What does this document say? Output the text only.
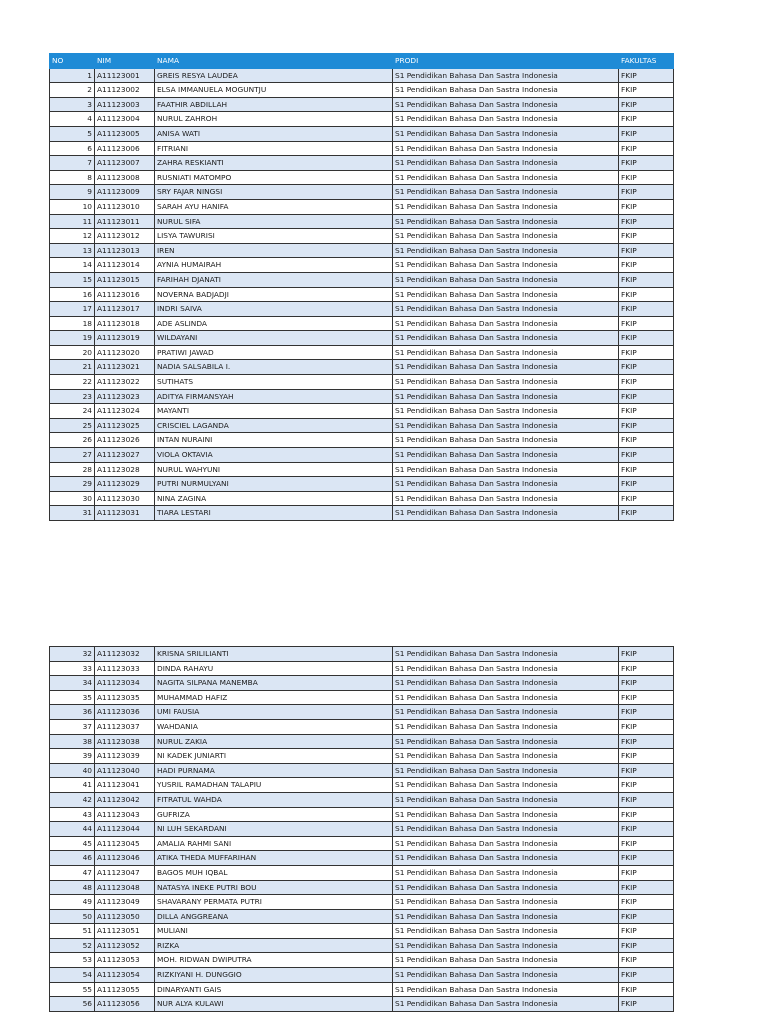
NO	NIM	NAMA	PRODI	FAKULTAS
1	A11123001	GREIS RESYA LAUDEA	S1 Pendidikan Bahasa Dan Sastra Indonesia	FKIP
2	A11123002	ELSA IMMANUELA MOGUNTJU	S1 Pendidikan Bahasa Dan Sastra Indonesia	FKIP
3	A11123003	FAATHIR ABDILLAH	S1 Pendidikan Bahasa Dan Sastra Indonesia	FKIP
4	A11123004	NURUL ZAHROH	S1 Pendidikan Bahasa Dan Sastra Indonesia	FKIP
5	A11123005	ANISA WATI	S1 Pendidikan Bahasa Dan Sastra Indonesia	FKIP
6	A11123006	FITRIANI	S1 Pendidikan Bahasa Dan Sastra Indonesia	FKIP
7	A11123007	ZAHRA RESKIANTI	S1 Pendidikan Bahasa Dan Sastra Indonesia	FKIP
8	A11123008	RUSNIATI MATOMPO	S1 Pendidikan Bahasa Dan Sastra Indonesia	FKIP
9	A11123009	SRY FAJAR NINGSI	S1 Pendidikan Bahasa Dan Sastra Indonesia	FKIP
10	A11123010	SARAH AYU HANIFA	S1 Pendidikan Bahasa Dan Sastra Indonesia	FKIP
11	A11123011	NURUL SIFA	S1 Pendidikan Bahasa Dan Sastra Indonesia	FKIP
12	A11123012	LISYA TAWURISI	S1 Pendidikan Bahasa Dan Sastra Indonesia	FKIP
13	A11123013	IREN	S1 Pendidikan Bahasa Dan Sastra Indonesia	FKIP
14	A11123014	AYNIA HUMAIRAH	S1 Pendidikan Bahasa Dan Sastra Indonesia	FKIP
15	A11123015	FARIHAH DJANATI	S1 Pendidikan Bahasa Dan Sastra Indonesia	FKIP
16	A11123016	NOVERNA BADJADJI	S1 Pendidikan Bahasa Dan Sastra Indonesia	FKIP
17	A11123017	INDRI SAIVA	S1 Pendidikan Bahasa Dan Sastra Indonesia	FKIP
18	A11123018	ADE ASLINDA	S1 Pendidikan Bahasa Dan Sastra Indonesia	FKIP
19	A11123019	WILDAYANI	S1 Pendidikan Bahasa Dan Sastra Indonesia	FKIP
20	A11123020	PRATIWI JAWAD	S1 Pendidikan Bahasa Dan Sastra Indonesia	FKIP
21	A11123021	NADIA SALSABILA I.	S1 Pendidikan Bahasa Dan Sastra Indonesia	FKIP
22	A11123022	SUTIHATS	S1 Pendidikan Bahasa Dan Sastra Indonesia	FKIP
23	A11123023	ADITYA FIRMANSYAH	S1 Pendidikan Bahasa Dan Sastra Indonesia	FKIP
24	A11123024	MAYANTI	S1 Pendidikan Bahasa Dan Sastra Indonesia	FKIP
25	A11123025	CRISCIEL LAGANDA	S1 Pendidikan Bahasa Dan Sastra Indonesia	FKIP
26	A11123026	INTAN NURAINI	S1 Pendidikan Bahasa Dan Sastra Indonesia	FKIP
27	A11123027	VIOLA OKTAVIA	S1 Pendidikan Bahasa Dan Sastra Indonesia	FKIP
28	A11123028	NURUL WAHYUNI	S1 Pendidikan Bahasa Dan Sastra Indonesia	FKIP
29	A11123029	PUTRI NURMULYANI	S1 Pendidikan Bahasa Dan Sastra Indonesia	FKIP
30	A11123030	NINA ZAGINA	S1 Pendidikan Bahasa Dan Sastra Indonesia	FKIP
31	A11123031	TIARA LESTARI	S1 Pendidikan Bahasa Dan Sastra Indonesia	FKIP
32	A11123032	KRISNA SRILILIANTI	S1 Pendidikan Bahasa Dan Sastra Indonesia	FKIP
33	A11123033	DINDA RAHAYU	S1 Pendidikan Bahasa Dan Sastra Indonesia	FKIP
34	A11123034	NAGITA SILPANA MANEMBA	S1 Pendidikan Bahasa Dan Sastra Indonesia	FKIP
35	A11123035	MUHAMMAD HAFIZ	S1 Pendidikan Bahasa Dan Sastra Indonesia	FKIP
36	A11123036	UMI FAUSIA	S1 Pendidikan Bahasa Dan Sastra Indonesia	FKIP
37	A11123037	WAHDANIA	S1 Pendidikan Bahasa Dan Sastra Indonesia	FKIP
38	A11123038	NURUL ZAKIA	S1 Pendidikan Bahasa Dan Sastra Indonesia	FKIP
39	A11123039	NI KADEK JUNIARTI	S1 Pendidikan Bahasa Dan Sastra Indonesia	FKIP
40	A11123040	HADI PURNAMA	S1 Pendidikan Bahasa Dan Sastra Indonesia	FKIP
41	A11123041	YUSRIL RAMADHAN TALAPIU	S1 Pendidikan Bahasa Dan Sastra Indonesia	FKIP
42	A11123042	FITRATUL WAHDA	S1 Pendidikan Bahasa Dan Sastra Indonesia	FKIP
43	A11123043	GUFRIZA	S1 Pendidikan Bahasa Dan Sastra Indonesia	FKIP
44	A11123044	NI LUH SEKARDANI	S1 Pendidikan Bahasa Dan Sastra Indonesia	FKIP
45	A11123045	AMALIA RAHMI SANI	S1 Pendidikan Bahasa Dan Sastra Indonesia	FKIP
46	A11123046	ATIKA THEDA MUFFARIHAN	S1 Pendidikan Bahasa Dan Sastra Indonesia	FKIP
47	A11123047	BAGOS MUH IQBAL	S1 Pendidikan Bahasa Dan Sastra Indonesia	FKIP
48	A11123048	NATASYA INEKE PUTRI BOU	S1 Pendidikan Bahasa Dan Sastra Indonesia	FKIP
49	A11123049	SHAVARANY PERMATA PUTRI	S1 Pendidikan Bahasa Dan Sastra Indonesia	FKIP
50	A11123050	DILLA ANGGREANA	S1 Pendidikan Bahasa Dan Sastra Indonesia	FKIP
51	A11123051	MULIANI	S1 Pendidikan Bahasa Dan Sastra Indonesia	FKIP
52	A11123052	RIZKA	S1 Pendidikan Bahasa Dan Sastra Indonesia	FKIP
53	A11123053	MOH. RIDWAN DWIPUTRA	S1 Pendidikan Bahasa Dan Sastra Indonesia	FKIP
54	A11123054	RIZKIYANI H. DUNGGIO	S1 Pendidikan Bahasa Dan Sastra Indonesia	FKIP
55	A11123055	DINARYANTI GAIS	S1 Pendidikan Bahasa Dan Sastra Indonesia	FKIP
56	A11123056	NUR ALYA KULAWI	S1 Pendidikan Bahasa Dan Sastra Indonesia	FKIP
